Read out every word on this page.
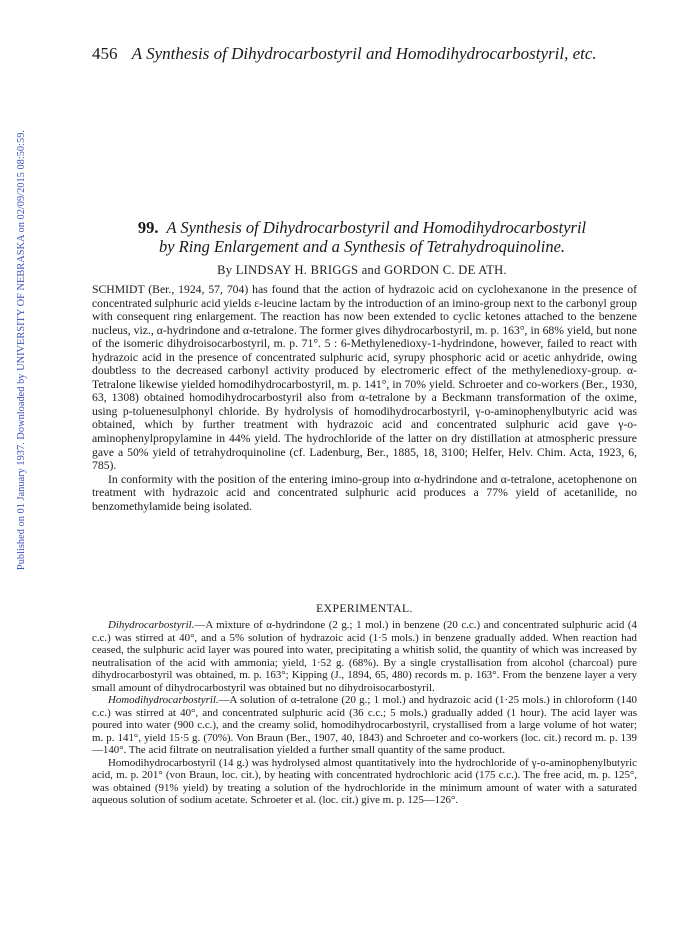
Published on 01 January 1937. Downloaded by UNIVERSITY OF NEBRASKA on 02/09/2015 08:50:59.
456 A Synthesis of Dihydrocarbostyril and Homodihydrocarbostyril, etc.
99. A Synthesis of Dihydrocarbostyril and Homodihydrocarbostyril
by Ring Enlargement and a Synthesis of Tetrahydroquinoline.
By LINDSAY H. BRIGGS and GORDON C. DE ATH.

SCHMIDT (Ber., 1924, 57, 704) has found that the action of hydrazoic acid on cyclohexanone in the presence of concentrated sulphuric acid yields ε-leucine lactam by the introduction of an imino-group next to the carbonyl group with consequent ring enlargement. The reaction has now been extended to cyclic ketones attached to the benzene nucleus, viz., α-hydrindone and α-tetralone. The former gives dihydrocarbostyril, m. p. 163°, in 68% yield, but none of the isomeric dihydroisocarbostyril, m. p. 71°. 5 : 6-Methylenedioxy-1-hydrindone, however, failed to react with hydrazoic acid in the presence of concentrated sulphuric acid, syrupy phosphoric acid or acetic anhydride, owing doubtless to the decreased carbonyl activity produced by electromeric effect of the methylenedioxy-group. α-Tetralone likewise yielded homodihydrocarbostyril, m. p. 141°, in 70% yield. Schroeter and co-workers (Ber., 1930, 63, 1308) obtained homodihydrocarbostyril also from α-tetralone by a Beckmann transformation of the oxime, using p-toluenesulphonyl chloride. By hydrolysis of homodihydrocarbostyril, γ-o-aminophenylbutyric acid was obtained, which by further treatment with hydrazoic acid and concentrated sulphuric acid gave γ-o-aminophenylpropylamine in 44% yield. The hydrochloride of the latter on dry distillation at atmospheric pressure gave a 50% yield of tetrahydroquinoline (cf. Ladenburg, Ber., 1885, 18, 3100; Helfer, Helv. Chim. Acta, 1923, 6, 785).

In conformity with the position of the entering imino-group into α-hydrindone and α-tetralone, acetophenone on treatment with hydrazoic acid and concentrated sulphuric acid produces a 77% yield of acetanilide, no benzomethylamide being isolated.

EXPERIMENTAL.

Dihydrocarbostyril.—A mixture of α-hydrindone (2 g.; 1 mol.) in benzene (20 c.c.) and concentrated sulphuric acid (4 c.c.) was stirred at 40°, and a 5% solution of hydrazoic acid (1·5 mols.) in benzene gradually added. When reaction had ceased, the sulphuric acid layer was poured into water, precipitating a whitish solid, the quantity of which was increased by neutralisation of the acid with ammonia; yield, 1·52 g. (68%). By a single crystallisation from alcohol (charcoal) pure dihydrocarbostyril was obtained, m. p. 163°; Kipping (J., 1894, 65, 480) records m. p. 163°. From the benzene layer a very small amount of dihydrocarbostyril was obtained but no dihydroisocarbostyril.

Homodihydrocarbostyril.—A solution of α-tetralone (20 g.; 1 mol.) and hydrazoic acid (1·25 mols.) in chloroform (140 c.c.) was stirred at 40°, and concentrated sulphuric acid (36 c.c.; 5 mols.) gradually added (1 hour). The acid layer was poured into water (900 c.c.), and the creamy solid, homodihydrocarbostyril, crystallised from a large volume of hot water; m. p. 141°, yield 15·5 g. (70%). Von Braun (Ber., 1907, 40, 1843) and Schroeter and co-workers (loc. cit.) record m. p. 139—140°. The acid filtrate on neutralisation yielded a further small quantity of the same product.

Homodihydrocarbostyril (14 g.) was hydrolysed almost quantitatively into the hydrochloride of γ-o-aminophenylbutyric acid, m. p. 201° (von Braun, loc. cit.), by heating with concentrated hydrochloric acid (175 c.c.). The free acid, m. p. 125°, was obtained (91% yield) by treating a solution of the hydrochloride in the minimum amount of water with a saturated aqueous solution of sodium acetate. Schroeter et al. (loc. cit.) give m. p. 125—126°.
